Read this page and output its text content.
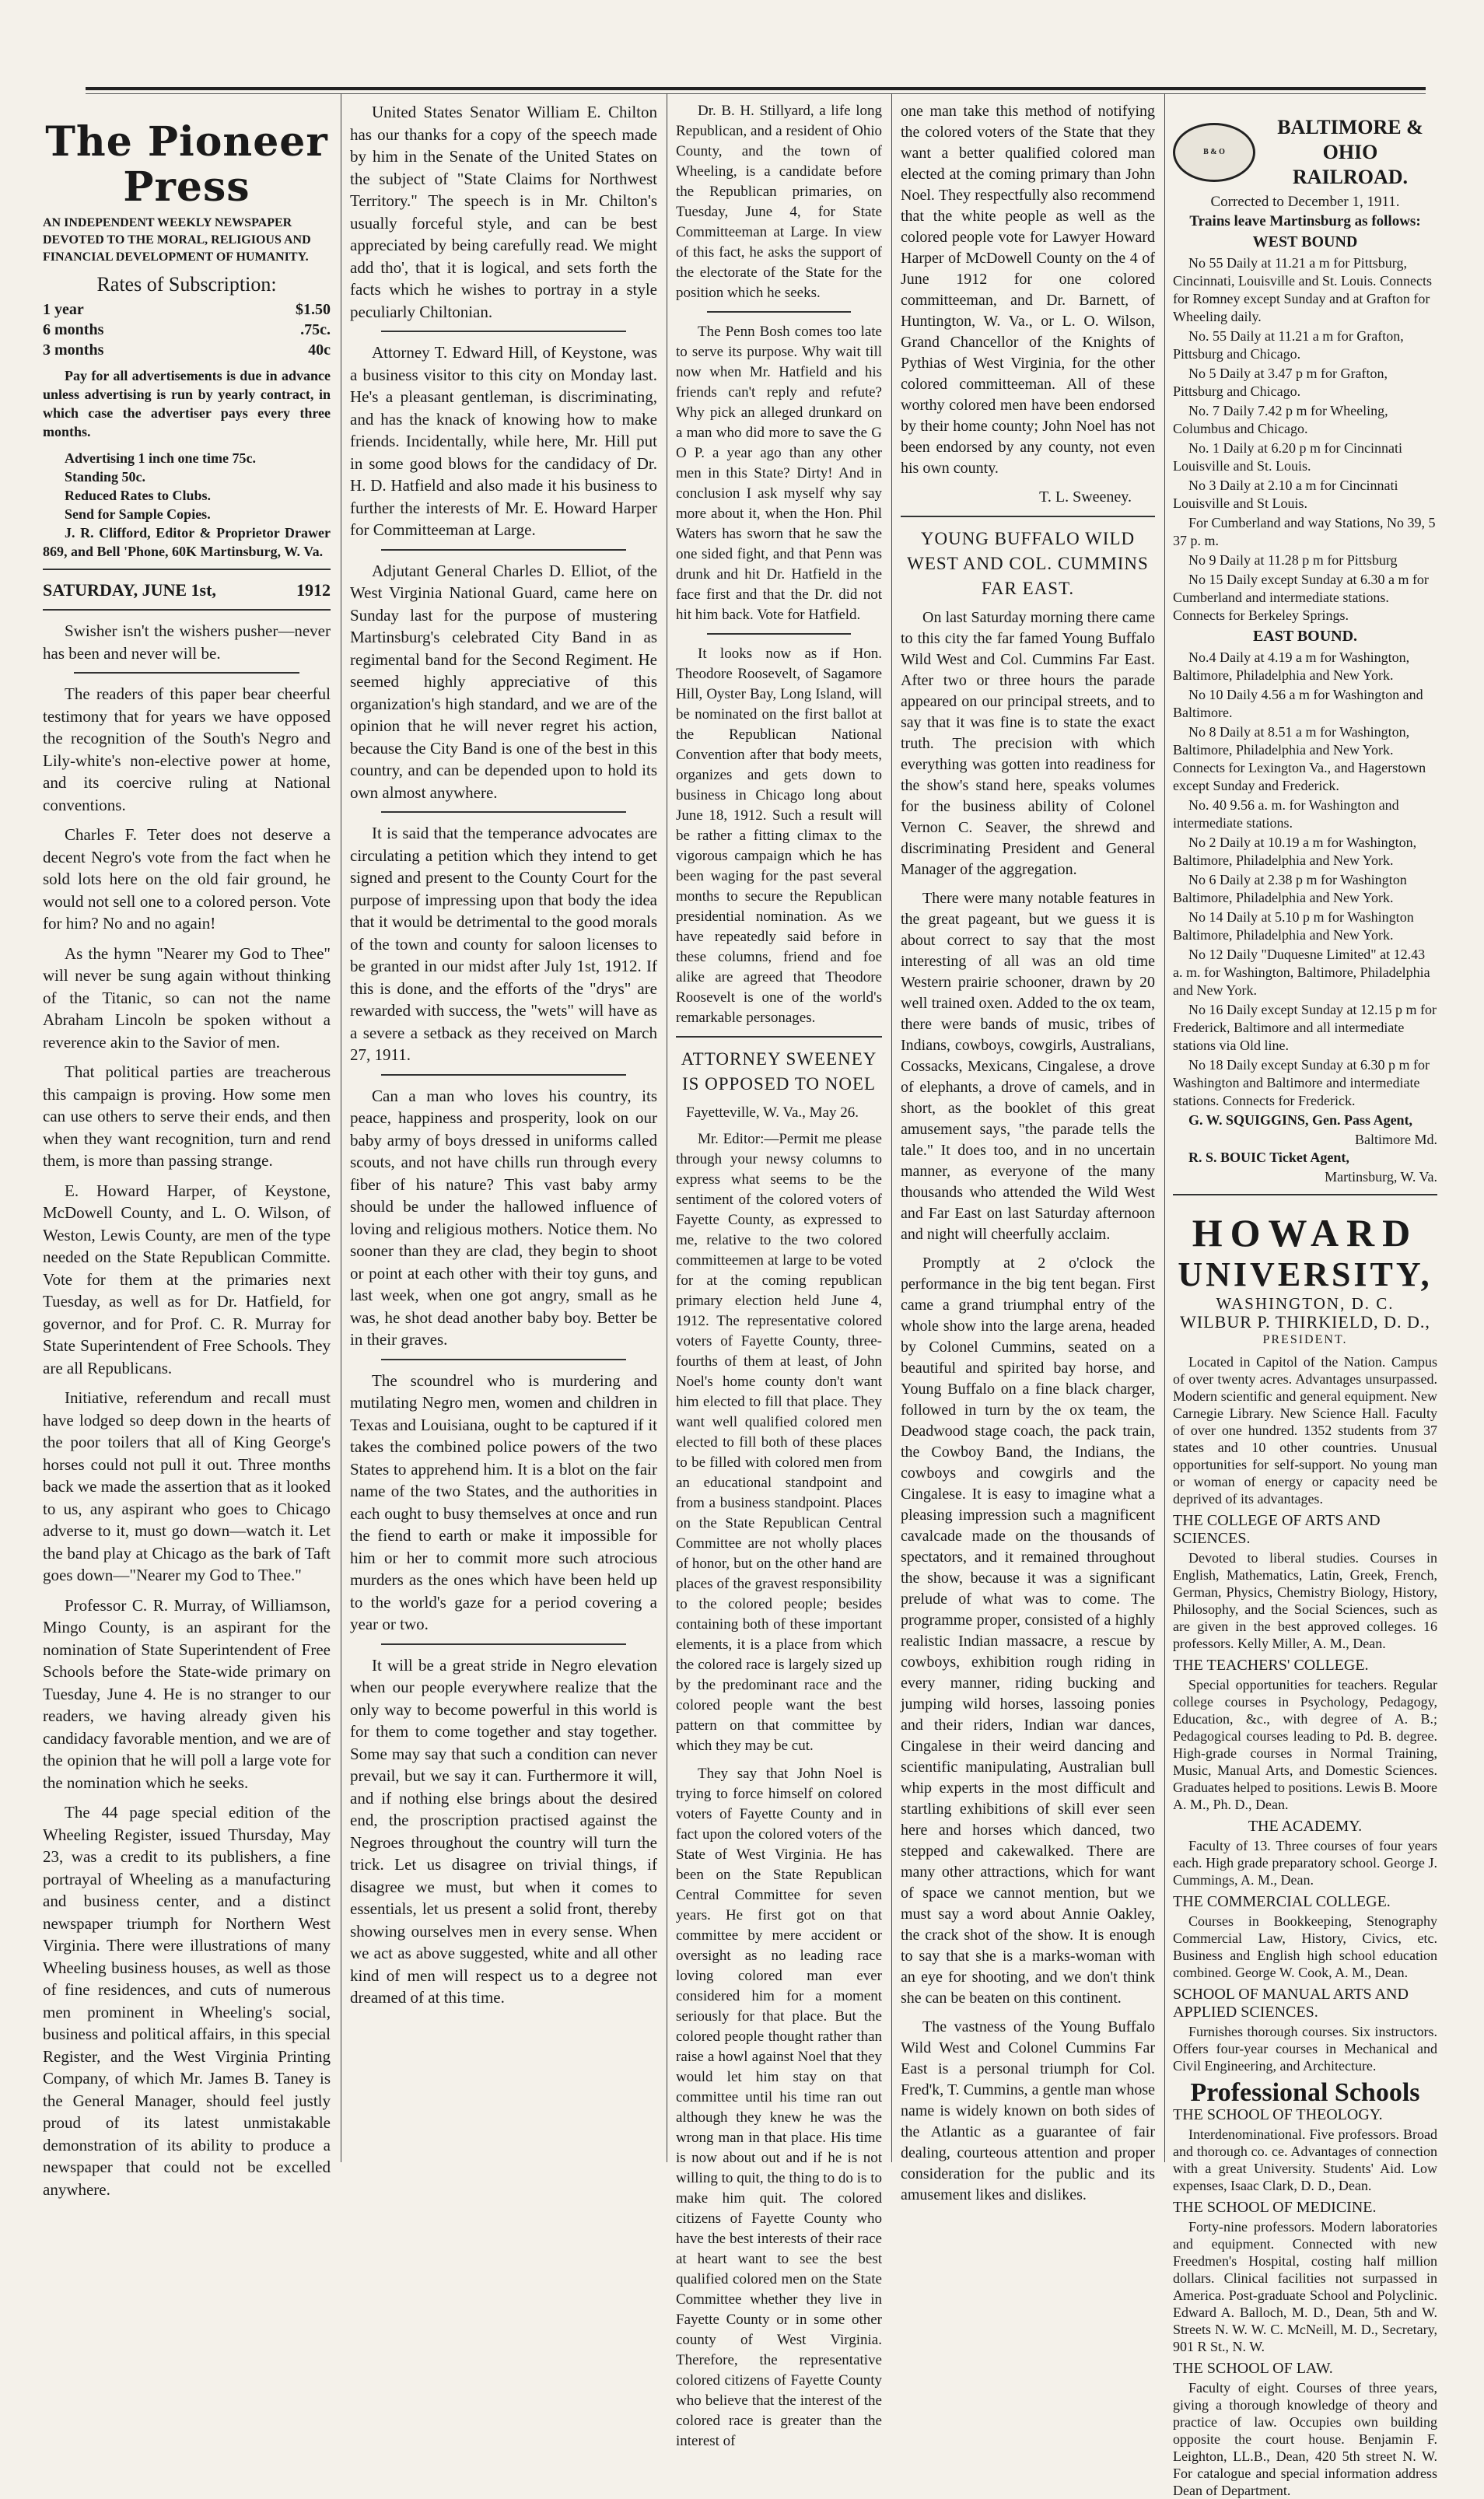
The Pioneer Press
AN INDEPENDENT WEEKLY NEWSPAPER DEVOTED TO THE MORAL, RELIGIOUS AND FINANCIAL DEVELOPMENT OF HUMANITY.
Rates of Subscription:
1 year	$1.50
6 months	.75c.
3 months	40c

Pay for all advertisements is due in advance unless advertising is run by yearly contract, in which case the advertiser pays every three months.

Advertising 1 inch one time 75c.
Standing 50c.
Reduced Rates to Clubs.
Send for Sample Copies.

J. R. Clifford, Editor & Proprietor Drawer 869, and Bell 'Phone, 60K Martinsburg, W. Va.

SATURDAY, JUNE 1st,	1912

Swisher isn't the wishers pusher—never has been and never will be.

The readers of this paper bear cheerful testimony that for years we have opposed the recognition of the South's Negro and Lily-white's non-elective power at home, and its coercive ruling at National conventions.

Charles F. Teter does not deserve a decent Negro's vote from the fact when he sold lots here on the old fair ground, he would not sell one to a colored person. Vote for him? No and no again!

As the hymn "Nearer my God to Thee" will never be sung again without thinking of the Titanic, so can not the name Abraham Lincoln be spoken without a reverence akin to the Savior of men.

That political parties are treacherous this campaign is proving. How some men can use others to serve their ends, and then when they want recognition, turn and rend them, is more than passing strange.

E. Howard Harper, of Keystone, McDowell County, and L. O. Wilson, of Weston, Lewis County, are men of the type needed on the State Republican Committe. Vote for them at the primaries next Tuesday, as well as for Dr. Hatfield, for governor, and for Prof. C. R. Murray for State Superintendent of Free Schools. They are all Republicans.

Initiative, referendum and recall must have lodged so deep down in the hearts of the poor toilers that all of King George's horses could not pull it out. Three months back we made the assertion that as it looked to us, any aspirant who goes to Chicago adverse to it, must go down—watch it. Let the band play at Chicago as the bark of Taft goes down—"Nearer my God to Thee."

Professor C. R. Murray, of Williamson, Mingo County, is an aspirant for the nomination of State Superintendent of Free Schools before the State-wide primary on Tuesday, June 4. He is no stranger to our readers, we having already given his candidacy favorable mention, and we are of the opinion that he will poll a large vote for the nomination which he seeks.

The 44 page special edition of the Wheeling Register, issued Thursday, May 23, was a credit to its publishers, a fine portrayal of Wheeling as a manufacturing and business center, and a distinct newspaper triumph for Northern West Virginia. There were illustrations of many Wheeling business houses, as well as those of fine residences, and cuts of numerous men prominent in Wheeling's social, business and political affairs, in this special Register, and the West Virginia Printing Company, of which Mr. James B. Taney is the General Manager, should feel justly proud of its latest unmistakable demonstration of its ability to produce a newspaper that could not be excelled anywhere.

United States Senator William E. Chilton has our thanks for a copy of the speech made by him in the Senate of the United States on the subject of "State Claims for Northwest Territory." The speech is in Mr. Chilton's usually forceful style, and can be best appreciated by being carefully read. We might add tho', that it is logical, and sets forth the facts which he wishes to portray in a style peculiarly Chiltonian.

Attorney T. Edward Hill, of Keystone, was a business visitor to this city on Monday last. He's a pleasant gentleman, is discriminating, and has the knack of knowing how to make friends. Incidentally, while here, Mr. Hill put in some good blows for the candidacy of Dr. H. D. Hatfield and also made it his business to further the interests of Mr. E. Howard Harper for Committeeman at Large.

Adjutant General Charles D. Elliot, of the West Virginia National Guard, came here on Sunday last for the purpose of mustering Martinsburg's celebrated City Band in as regimental band for the Second Regiment. He seemed highly appreciative of this organization's high standard, and we are of the opinion that he will never regret his action, because the City Band is one of the best in this country, and can be depended upon to hold its own almost anywhere.

It is said that the temperance advocates are circulating a petition which they intend to get signed and present to the County Court for the purpose of impressing upon that body the idea that it would be detrimental to the good morals of the town and county for saloon licenses to be granted in our midst after July 1st, 1912. If this is done, and the efforts of the "drys" are rewarded with success, the "wets" will have as a severe a setback as they received on March 27, 1911.

Can a man who loves his country, its peace, happiness and prosperity, look on our baby army of boys dressed in uniforms called scouts, and not have chills run through every fiber of his nature? This vast baby army should be under the hallowed influence of loving and religious mothers. Notice them. No sooner than they are clad, they begin to shoot or point at each other with their toy guns, and last week, when one got angry, small as he was, he shot dead another baby boy. Better be in their graves.

The scoundrel who is murdering and mutilating Negro men, women and children in Texas and Louisiana, ought to be captured if it takes the combined police powers of the two States to apprehend him. It is a blot on the fair name of the two States, and the authorities in each ought to busy themselves at once and run the fiend to earth or make it impossible for him or her to commit more such atrocious murders as the ones which have been held up to the world's gaze for a period covering a year or two.

It will be a great stride in Negro elevation when our people everywhere realize that the only way to become powerful in this world is for them to come together and stay together. Some may say that such a condition can never prevail, but we say it can. Furthermore it will, and if nothing else brings about the desired end, the proscription practised against the Negroes throughout the country will turn the trick. Let us disagree on trivial things, if disagree we must, but when it comes to essentials, let us present a solid front, thereby showing ourselves men in every sense. When we act as above suggested, white and all other kind of men will respect us to a degree not dreamed of at this time.

Dr. B. H. Stillyard, a life long Republican, and a resident of Ohio County, and the town of Wheeling, is a candidate before the Republican primaries, on Tuesday, June 4, for State Committeeman at Large. In view of this fact, he asks the support of the electorate of the State for the position which he seeks.

The Penn Bosh comes too late to serve its purpose. Why wait till now when Mr. Hatfield and his friends can't reply and refute? Why pick an alleged drunkard on a man who did more to save the G O P. a year ago than any other men in this State? Dirty! And in conclusion I ask myself why say more about it, when the Hon. Phil Waters has sworn that he saw the one sided fight, and that Penn was drunk and hit Dr. Hatfield in the face first and that the Dr. did not hit him back. Vote for Hatfield.

It looks now as if Hon. Theodore Roosevelt, of Sagamore Hill, Oyster Bay, Long Island, will be nominated on the first ballot at the Republican National Convention after that body meets, organizes and gets down to business in Chicago long about June 18, 1912. Such a result will be rather a fitting climax to the vigorous campaign which he has been waging for the past several months to secure the Republican presidential nomination. As we have repeatedly said before in these columns, friend and foe alike are agreed that Theodore Roosevelt is one of the world's remarkable personages.

ATTORNEY SWEENEY IS OPPOSED TO NOEL
Fayetteville, W. Va., May 26.

Mr. Editor:—Permit me please through your newsy columns to express what seems to be the sentiment of the colored voters of Fayette County, as expressed to me, relative to the two colored committeemen at large to be voted for at the coming republican primary election held June 4, 1912. The representative colored voters of Fayette County, three-fourths of them at least, of John Noel's home county don't want him elected to fill that place. They want well qualified colored men elected to fill both of these places to be filled with colored men from an educational standpoint and from a business standpoint. Places on the State Republican Central Committee are not wholly places of honor, but on the other hand are places of the gravest responsibility to the colored people; besides containing both of these important elements, it is a place from which the colored race is largely sized up by the predominant race and the colored people want the best pattern on that committee by which they may be cut.

They say that John Noel is trying to force himself on colored voters of Fayette County and in fact upon the colored voters of the State of West Virginia. He has been on the State Republican Central Committee for seven years. He first got on that committee by mere accident or oversight as no leading race loving colored man ever considered him for a moment seriously for that place. But the colored people thought rather than raise a howl against Noel that they would let him stay on that committee until his time ran out although they knew he was the wrong man in that place. His time is now about out and if he is not willing to quit, the thing to do is to make him quit. The colored citizens of Fayette County who have the best interests of their race at heart want to see the best qualified colored men on the State Committee whether they live in Fayette County or in some other county of West Virginia. Therefore, the representative colored citizens of Fayette County who believe that the interest of the colored race is greater than the interest of

one man take this method of notifying the colored voters of the State that they want a better qualified colored man elected at the coming primary than John Noel. They respectfully also recommend that the white people as well as the colored people vote for Lawyer Howard Harper of McDowell County on the 4 of June 1912 for one colored committeeman, and Dr. Barnett, of Huntington, W. Va., or L. O. Wilson, Grand Chancellor of the Knights of Pythias of West Virginia, for the other colored committeeman. All of these worthy colored men have been endorsed by their home county; John Noel has not been endorsed by any county, not even his own county.

T. L. Sweeney.
YOUNG BUFFALO WILD WEST AND COL. CUMMINS FAR EAST.

On last Saturday morning there came to this city the far famed Young Buffalo Wild West and Col. Cummins Far East. After two or three hours the parade appeared on our principal streets, and to say that it was fine is to state the exact truth. The precision with which everything was gotten into readiness for the show's stand here, speaks volumes for the business ability of Colonel Vernon C. Seaver, the shrewd and discriminating President and General Manager of the aggregation.

There were many notable features in the great pageant, but we guess it is about correct to say that the most interesting of all was an old time Western prairie schooner, drawn by 20 well trained oxen. Added to the ox team, there were bands of music, tribes of Indians, cowboys, cowgirls, Australians, Cossacks, Mexicans, Cingalese, a drove of elephants, a drove of camels, and in short, as the booklet of this great amusement says, "the parade tells the tale." It does too, and in no uncertain manner, as everyone of the many thousands who attended the Wild West and Far East on last Saturday afternoon and night will cheerfully acclaim.

Promptly at 2 o'clock the performance in the big tent began. First came a grand triumphal entry of the whole show into the large arena, headed by Colonel Cummins, seated on a beautiful and spirited bay horse, and Young Buffalo on a fine black charger, followed in turn by the ox team, the Deadwood stage coach, the pack train, the Cowboy Band, the Indians, the cowboys and cowgirls and the Cingalese. It is easy to imagine what a pleasing impression such a magnificent cavalcade made on the thousands of spectators, and it remained throughout the show, because it was a significant prelude of what was to come. The programme proper, consisted of a highly realistic Indian massacre, a rescue by cowboys, exhibition rough riding in every manner, riding bucking and jumping wild horses, lassoing ponies and their riders, Indian war dances, Cingalese in their weird dancing and scientific manipulating, Australian bull whip experts in the most difficult and startling exhibitions of skill ever seen here and horses which danced, two stepped and cakewalked. There are many other attractions, which for want of space we cannot mention, but we must say a word about Annie Oakley, the crack shot of the show. It is enough to say that she is a marks-woman with an eye for shooting, and we don't think she can be beaten on this continent.

The vastness of the Young Buffalo Wild West and Colonel Cummins Far East is a personal triumph for Col. Fred'k, T. Cummins, a gentle man whose name is widely known on both sides of the Atlantic as a guarantee of fair dealing, courteous attention and proper consideration for the public and its amusement likes and dislikes.

B & O
BALTIMORE & OHIO RAILROAD.
Corrected to December 1, 1911.
Trains leave Martinsburg as follows:
WEST BOUND
No 55 Daily at 11.21 a m for Pittsburg, Cincinnati, Louisville and St. Louis. Connects for Romney except Sunday and at Grafton for Wheeling daily.
No. 55 Daily at 11.21 a m for Grafton, Pittsburg and Chicago.
No 5 Daily at 3.47 p m for Grafton, Pittsburg and Chicago.
No. 7 Daily 7.42 p m for Wheeling, Columbus and Chicago.
No. 1 Daily at 6.20 p m for Cincinnati Louisville and St. Louis.
No 3 Daily at 2.10 a m for Cincinnati Louisville and St Louis.
For Cumberland and way Stations, No 39, 5 37 p. m.
No 9 Daily at 11.28 p m for Pittsburg
No 15 Daily except Sunday at 6.30 a m for Cumberland and intermediate stations. Connects for Berkeley Springs.
EAST BOUND.
No.4 Daily at 4.19 a m for Washington, Baltimore, Philadelphia and New York.
No 10 Daily 4.56 a m for Washington and Baltimore.
No 8 Daily at 8.51 a m for Washington, Baltimore, Philadelphia and New York. Connects for Lexington Va., and Hagerstown except Sunday and Frederick.
No. 40 9.56 a. m. for Washington and intermediate stations.
No 2 Daily at 10.19 a m for Washington, Baltimore, Philadelphia and New York.
No 6 Daily at 2.38 p m for Washington Baltimore, Philadelphia and New York.
No 14 Daily at 5.10 p m for Washington Baltimore, Philadelphia and New York.
No 12 Daily "Duquesne Limited" at 12.43 a. m. for Washington, Baltimore, Philadelphia and New York.
No 16 Daily except Sunday at 12.15 p m for Frederick, Baltimore and all intermediate stations via Old line.
No 18 Daily except Sunday at 6.30 p m for Washington and Baltimore and intermediate stations. Connects for Frederick.
G. W. SQUIGGINS, Gen. Pass Agent,
Baltimore Md.
R. S. BOUIC Ticket Agent,
Martinsburg, W. Va.
HOWARD
UNIVERSITY,
WASHINGTON, D. C.
WILBUR P. THIRKIELD, D. D.,
PRESIDENT.
Located in Capitol of the Nation. Campus of over twenty acres. Advantages unsurpassed. Modern scientific and general equipment. New Carnegie Library. New Science Hall. Faculty of over one hundred. 1352 students from 37 states and 10 other countries. Unusual opportunities for self-support. No young man or woman of energy or capacity need be deprived of its advantages.
THE COLLEGE OF ARTS AND SCIENCES.
Devoted to liberal studies. Courses in English, Mathematics, Latin, Greek, French, German, Physics, Chemistry Biology, History, Philosophy, and the Social Sciences, such as are given in the best approved colleges. 16 professors. Kelly Miller, A. M., Dean.
THE TEACHERS' COLLEGE.
Special opportunities for teachers. Regular college courses in Psychology, Pedagogy, Education, &c., with degree of A. B.; Pedagogical courses leading to Pd. B. degree. High-grade courses in Normal Training, Music, Manual Arts, and Domestic Sciences. Graduates helped to positions. Lewis B. Moore A. M., Ph. D., Dean.
THE ACADEMY.
Faculty of 13. Three courses of four years each. High grade preparatory school. George J. Cummings, A. M., Dean.
THE COMMERCIAL COLLEGE.
Courses in Bookkeeping, Stenography Commercial Law, History, Civics, etc. Business and English high school education combined. George W. Cook, A. M., Dean.
SCHOOL OF MANUAL ARTS AND APPLIED SCIENCES.
Furnishes thorough courses. Six instructors. Offers four-year courses in Mechanical and Civil Engineering, and Architecture.
Professional Schools
THE SCHOOL OF THEOLOGY.
Interdenominational. Five professors. Broad and thorough co. ce. Advantages of connection with a great University. Students' Aid. Low expenses, Isaac Clark, D. D., Dean.
THE SCHOOL OF MEDICINE.
Forty-nine professors. Modern laboratories and equipment. Connected with new Freedmen's Hospital, costing half million dollars. Clinical facilities not surpassed in America. Post-graduate School and Polyclinic. Edward A. Balloch, M. D., Dean, 5th and W. Streets N. W. W. C. McNeill, M. D., Secretary, 901 R St., N. W.
THE SCHOOL OF LAW.
Faculty of eight. Courses of three years, giving a thorough knowledge of theory and practice of law. Occupies own building opposite the court house. Benjamin F. Leighton, LL.B., Dean, 420 5th street N. W. For catalogue and special information address Dean of Department.
